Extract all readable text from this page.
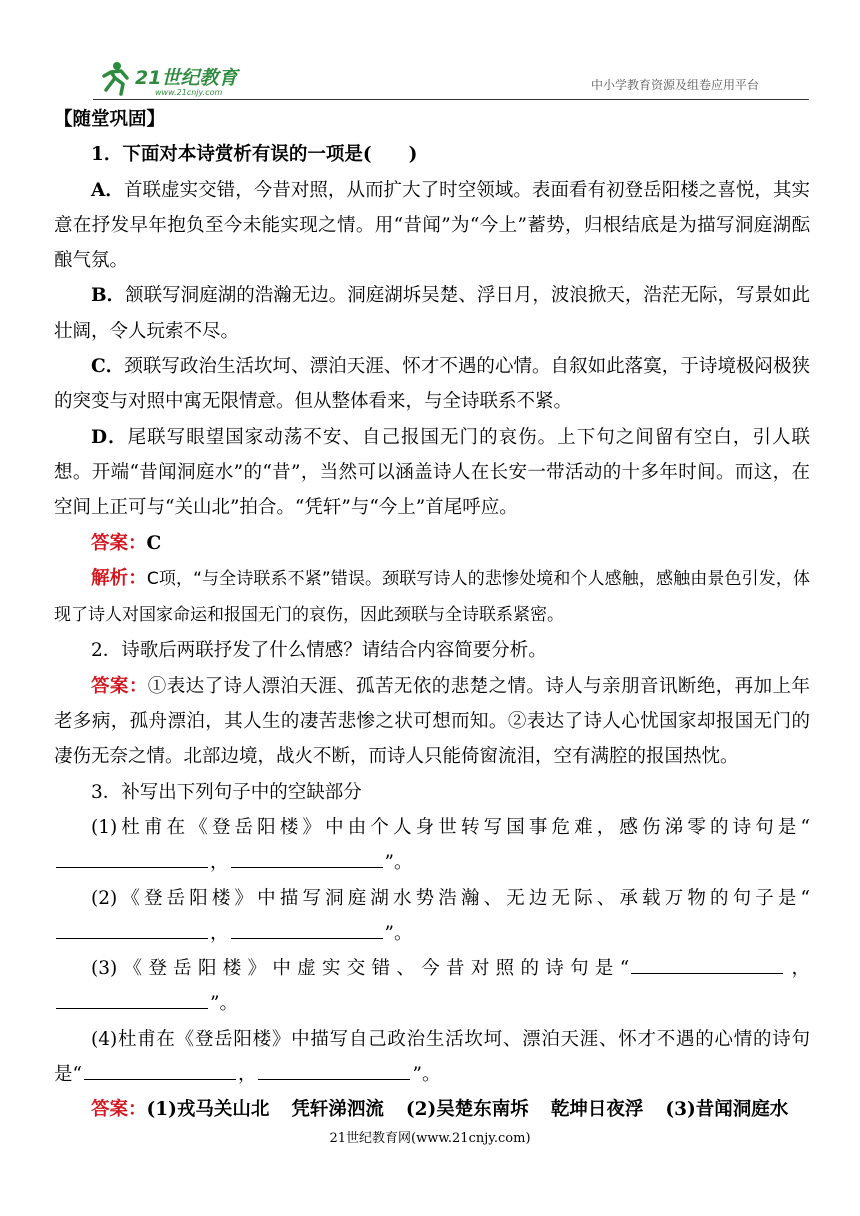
21世纪教育
www.21cnjy.com
中小学教育资源及组卷应用平台

【随堂巩固】

1．下面对本诗赏析有误的一项是(　　)

A．首联虚实交错，今昔对照，从而扩大了时空领域。表面看有初登岳阳楼之喜悦，其实意在抒发早年抱负至今未能实现之情。用“昔闻”为“今上”蓄势，归根结底是为描写洞庭湖酝酿气氛。

B．颔联写洞庭湖的浩瀚无边。洞庭湖坼吴楚、浮日月，波浪掀天，浩茫无际，写景如此壮阔，令人玩索不尽。

C．颈联写政治生活坎坷、漂泊天涯、怀才不遇的心情。自叙如此落寞，于诗境极闷极狭的突变与对照中寓无限情意。但从整体看来，与全诗联系不紧。

D．尾联写眼望国家动荡不安、自己报国无门的哀伤。上下句之间留有空白，引人联想。开端“昔闻洞庭水”的“昔”，当然可以涵盖诗人在长安一带活动的十多年时间。而这，在空间上正可与“关山北”拍合。“凭轩”与“今上”首尾呼应。

答案：C

解析：C项，“与全诗联系不紧”错误。颈联写诗人的悲惨处境和个人感触，感触由景色引发，体现了诗人对国家命运和报国无门的哀伤，因此颈联与全诗联系紧密。

2．诗歌后两联抒发了什么情感？请结合内容简要分析。

答案：①表达了诗人漂泊天涯、孤苦无依的悲楚之情。诗人与亲朋音讯断绝，再加上年老多病，孤舟漂泊，其人生的凄苦悲惨之状可想而知。②表达了诗人心忧国家却报国无门的凄伤无奈之情。北部边境，战火不断，而诗人只能倚窗流泪，空有满腔的报国热忱。

3．补写出下列句子中的空缺部分

(1)杜甫在《登岳阳楼》中由个人身世转写国事危难，感伤涕零的诗句是“，	”。

(2)《登岳阳楼》中描写洞庭湖水势浩瀚、无边无际、承载万物的句子是“，	”。

(3)《登岳阳楼》中虚实交错、今昔对照的诗句是“	，”。

(4)杜甫在《登岳阳楼》中描写自己政治生活坎坷、漂泊天涯、怀才不遇的心情的诗句是“	，	”。

答案：(1)戎马关山北 凭轩涕泗流 (2)吴楚东南坼 乾坤日夜浮 (3)昔闻洞庭水

21世纪教育网(www.21cnjy.com)
